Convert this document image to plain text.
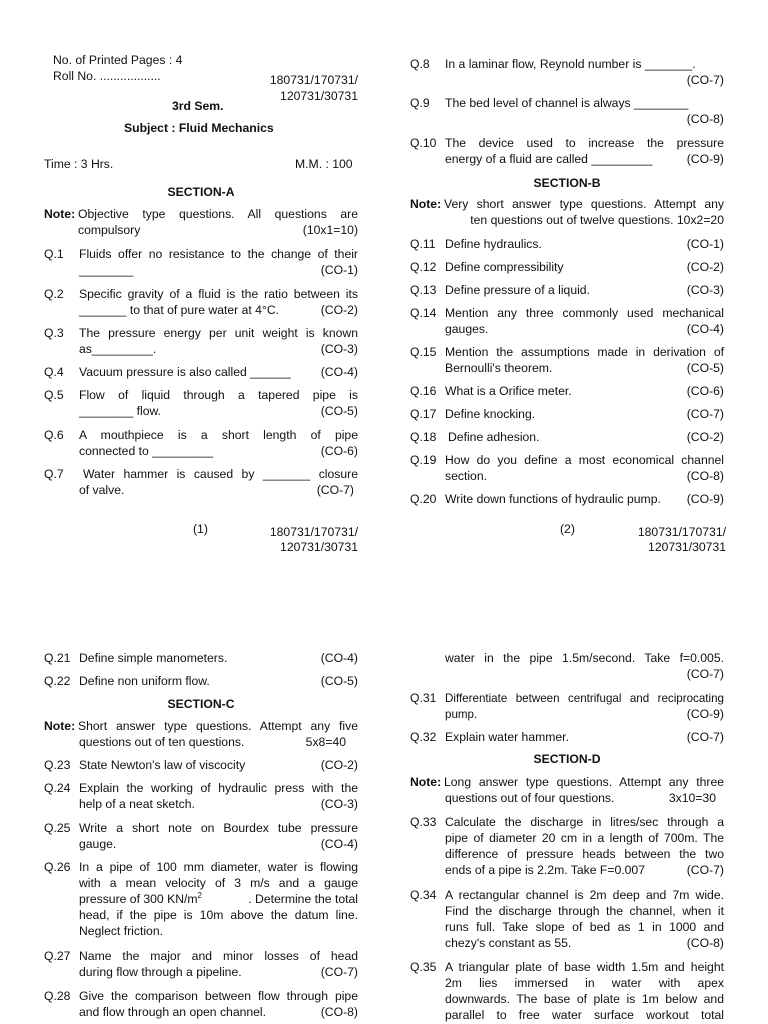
No. of Printed Pages : 4
Roll No. ..................	180731/170731/
120731/30731
3rd Sem.
Subject : Fluid Mechanics
Time : 3 Hrs.	M.M. : 100
SECTION-A
Note: Objective type questions. All questions are
compulsory	(10x1=10)
Q.1 Fluids offer no resistance to the change of their
________	(CO-1)
Q.2 Specific gravity of a fluid is the ratio between its
_______ to that of pure water at 4°C.	(CO-2)
Q.3 The pressure energy per unit weight is known
as_________.	(CO-3)
Q.4 Vacuum pressure is also called ______ (CO-4)
Q.5 Flow of liquid through a tapered pipe is
________ flow.	(CO-5)
Q.6 A mouthpiece is a short length of pipe
connected to _________	(CO-6)
Q.7 Water hammer is caused by _______ closure
of valve.	(CO-7)
(1)	180731/170731/
120731/30731
Q.8 In a laminar flow, Reynold number is _______.
(CO-7)
Q.9 The bed level of channel is always ________
(CO-8)
Q.10 The device used to increase the pressure
energy of a fluid are called _________	(CO-9)
SECTION-B
Note: Very short answer type questions. Attempt any
ten questions out of twelve questions. 10x2=20
Q.11 Define hydraulics.	(CO-1)
Q.12 Define compressibility	(CO-2)
Q.13 Define pressure of a liquid.	(CO-3)
Q.14 Mention any three commonly used mechanical
gauges.	(CO-4)
Q.15 Mention the assumptions made in derivation of
Bernoulli's theorem.	(CO-5)
Q.16 What is a Orifice meter.	(CO-6)
Q.17 Define knocking.	(CO-7)
Q.18 Define adhesion.	(CO-2)
Q.19 How do you define a most economical channel
section.	(CO-8)
Q.20 Write down functions of hydraulic pump. (CO-9)
(2)	180731/170731/
120731/30731
Q.21 Define simple manometers.	(CO-4)
Q.22 Define non uniform flow.	(CO-5)
SECTION-C
Note: Short answer type questions. Attempt any five
questions out of ten questions.	5x8=40
Q.23 State Newton's law of viscocity	(CO-2)
Q.24 Explain the working of hydraulic press with the
help of a neat sketch.	(CO-3)
Q.25 Write a short note on Bourdex tube pressure
gauge.	(CO-4)
Q.26 In a pipe of 100 mm diameter, water is flowing
with a mean velocity of 3 m/s and a gauge
pressure of 300 $KN/m^2$	. Determine the total
head, if the pipe is 10m above the datum line.
Neglect friction.
Q.27 Name the major and minor losses of head
during flow through a pipeline.	(CO-7)
Q.28 Give the comparison between flow through pipe
and flow through an open channel.	(CO-8)
water in the pipe 1.5m/second. Take f=0.005.
(CO-7)
Q.31 Differentiate between centrifugal and reciprocating
pump.	(CO-9)
Q.32 Explain water hammer.	(CO-7)
SECTION-D
Note: Long answer type questions. Attempt any three
questions out of four questions.	3x10=30
Q.33 Calculate the discharge in litres/sec through a
pipe of diameter 20 cm in a length of 700m. The
difference of pressure heads between the two
ends of a pipe is 2.2m. Take F=0.007	(CO-7)
Q.34 A rectangular channel is 2m deep and 7m wide.
Find the discharge through the channel, when it
runs full. Take slope of bed as 1 in 1000 and
chezy's constant as 55.	(CO-8)
Q.35 A triangular plate of base width 1.5m and height
2m lies immersed in water with apex
downwards. The base of plate is 1m below and
parallel to free water surface workout total
